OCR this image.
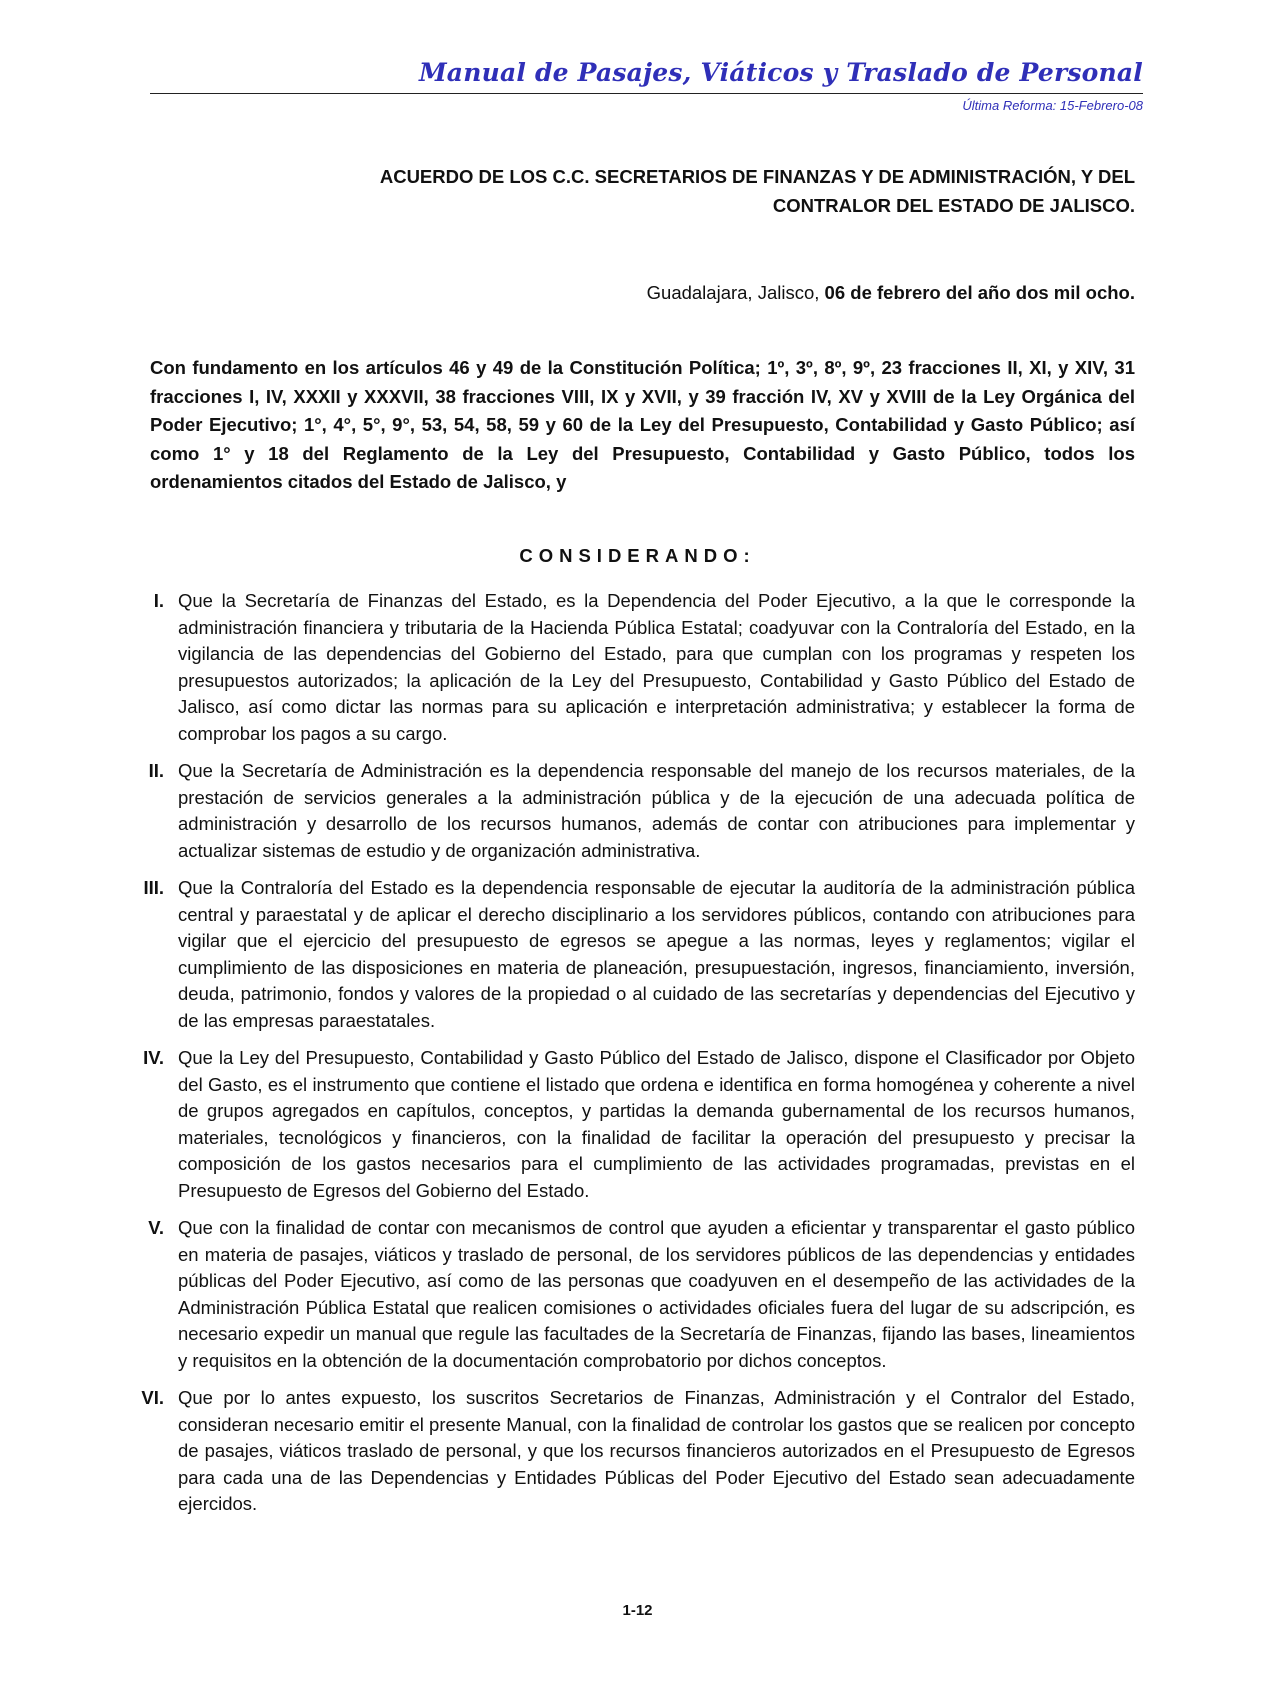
Manual de Pasajes, Viáticos y Traslado de Personal
Última Reforma: 15-Febrero-08
ACUERDO DE LOS C.C. SECRETARIOS DE FINANZAS Y DE ADMINISTRACIÓN, Y DEL
CONTRALOR DEL ESTADO DE JALISCO.
Guadalajara, Jalisco, 06 de febrero del año dos mil ocho.
Con fundamento en los artículos 46 y 49 de la Constitución Política; 1º, 3º, 8º, 9º, 23 fracciones II, XI, y XIV, 31 fracciones I, IV, XXXII y XXXVII, 38 fracciones VIII, IX y XVII, y 39 fracción IV, XV y XVIII de la Ley Orgánica del Poder Ejecutivo; 1°, 4°, 5°, 9°, 53, 54, 58, 59 y 60 de la Ley del Presupuesto, Contabilidad y Gasto Público; así como 1° y 18 del Reglamento de la Ley del Presupuesto, Contabilidad y Gasto Público, todos los ordenamientos citados del Estado de Jalisco, y
CONSIDERANDO:
I. Que la Secretaría de Finanzas del Estado, es la Dependencia del Poder Ejecutivo, a la que le corresponde la administración financiera y tributaria de la Hacienda Pública Estatal; coadyuvar con la Contraloría del Estado, en la vigilancia de las dependencias del Gobierno del Estado, para que cumplan con los programas y respeten los presupuestos autorizados; la aplicación de la Ley del Presupuesto, Contabilidad y Gasto Público del Estado de Jalisco, así como dictar las normas para su aplicación e interpretación administrativa; y establecer la forma de comprobar los pagos a su cargo.
II. Que la Secretaría de Administración es la dependencia responsable del manejo de los recursos materiales, de la prestación de servicios generales a la administración pública y de la ejecución de una adecuada política de administración y desarrollo de los recursos humanos, además de contar con atribuciones para implementar y actualizar sistemas de estudio y de organización administrativa.
III. Que la Contraloría del Estado es la dependencia responsable de ejecutar la auditoría de la administración pública central y paraestatal y de aplicar el derecho disciplinario a los servidores públicos, contando con atribuciones para vigilar que el ejercicio del presupuesto de egresos se apegue a las normas, leyes y reglamentos; vigilar el cumplimiento de las disposiciones en materia de planeación, presupuestación, ingresos, financiamiento, inversión, deuda, patrimonio, fondos y valores de la propiedad o al cuidado de las secretarías y dependencias del Ejecutivo y de las empresas paraestatales.
IV. Que la Ley del Presupuesto, Contabilidad y Gasto Público del Estado de Jalisco, dispone el Clasificador por Objeto del Gasto, es el instrumento que contiene el listado que ordena e identifica en forma homogénea y coherente a nivel de grupos agregados en capítulos, conceptos, y partidas la demanda gubernamental de los recursos humanos, materiales, tecnológicos y financieros, con la finalidad de facilitar la operación del presupuesto y precisar la composición de los gastos necesarios para el cumplimiento de las actividades programadas, previstas en el Presupuesto de Egresos del Gobierno del Estado.
V. Que con la finalidad de contar con mecanismos de control que ayuden a eficientar y transparentar el gasto público en materia de pasajes, viáticos y traslado de personal, de los servidores públicos de las dependencias y entidades públicas del Poder Ejecutivo, así como de las personas que coadyuven en el desempeño de las actividades de la Administración Pública Estatal que realicen comisiones o actividades oficiales fuera del lugar de su adscripción, es necesario expedir un manual que regule las facultades de la Secretaría de Finanzas, fijando las bases, lineamientos y requisitos en la obtención de la documentación comprobatorio por dichos conceptos.
VI. Que por lo antes expuesto, los suscritos Secretarios de Finanzas, Administración y el Contralor del Estado, consideran necesario emitir el presente Manual, con la finalidad de controlar los gastos que se realicen por concepto de pasajes, viáticos traslado de personal, y que los recursos financieros autorizados en el Presupuesto de Egresos para cada una de las Dependencias y Entidades Públicas del Poder Ejecutivo del Estado sean adecuadamente ejercidos.
1-12
